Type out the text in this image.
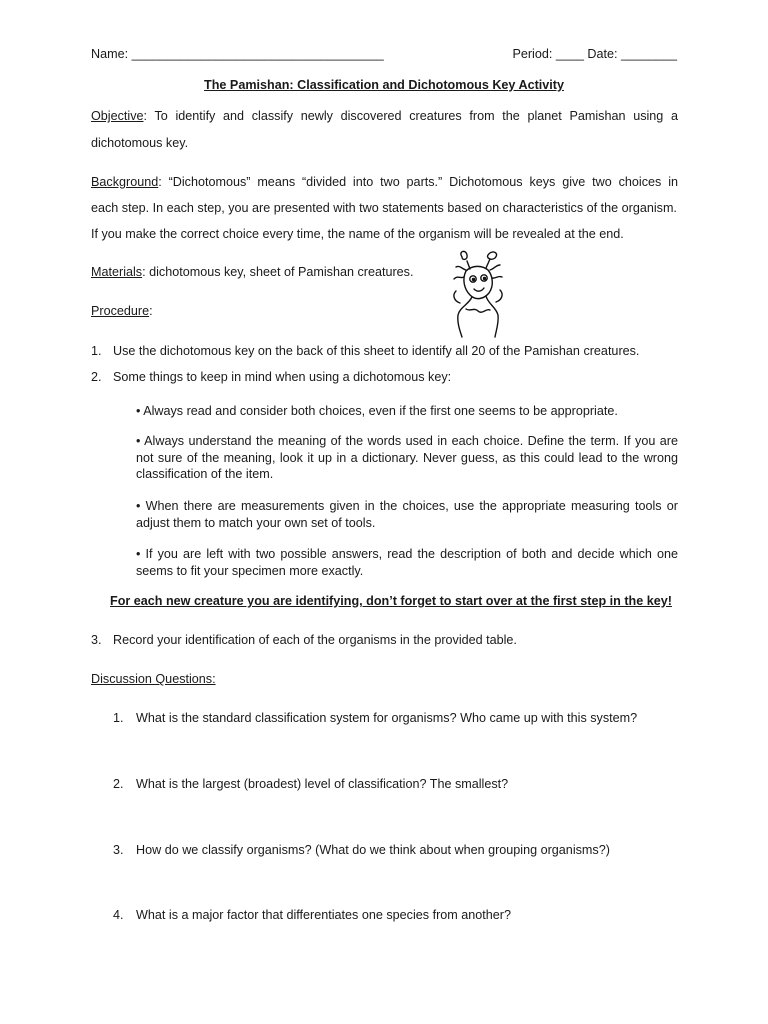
Name: ____________________________________	Period: ____ Date: ________
The Pamishan: Classification and Dichotomous Key Activity
Objective: To identify and classify newly discovered creatures from the planet Pamishan using a
dichotomous key.
Background: “Dichotomous” means “divided into two parts.” Dichotomous keys give two choices in
each step. In each step, you are presented with two statements based on characteristics of the organism.
If you make the correct choice every time, the name of the organism will be revealed at the end.
Materials: dichotomous key, sheet of Pamishan creatures.
Procedure:
1. Use the dichotomous key on the back of this sheet to identify all 20 of the Pamishan creatures.
2. Some things to keep in mind when using a dichotomous key:
• Always read and consider both choices, even if the first one seems to be appropriate.
• Always understand the meaning of the words used in each choice. Define the term. If you are not sure of the meaning, look it up in a dictionary. Never guess, as this could lead to the wrong classification of the item.
• When there are measurements given in the choices, use the appropriate measuring tools or adjust them to match your own set of tools.
• If you are left with two possible answers, read the description of both and decide which one seems to fit your specimen more exactly.
For each new creature you are identifying, don’t forget to start over at the first step in the key!
3. Record your identification of each of the organisms in the provided table.
Discussion Questions:
1. What is the standard classification system for organisms? Who came up with this system?
2. What is the largest (broadest) level of classification? The smallest?
3. How do we classify organisms? (What do we think about when grouping organisms?)
4. What is a major factor that differentiates one species from another?
